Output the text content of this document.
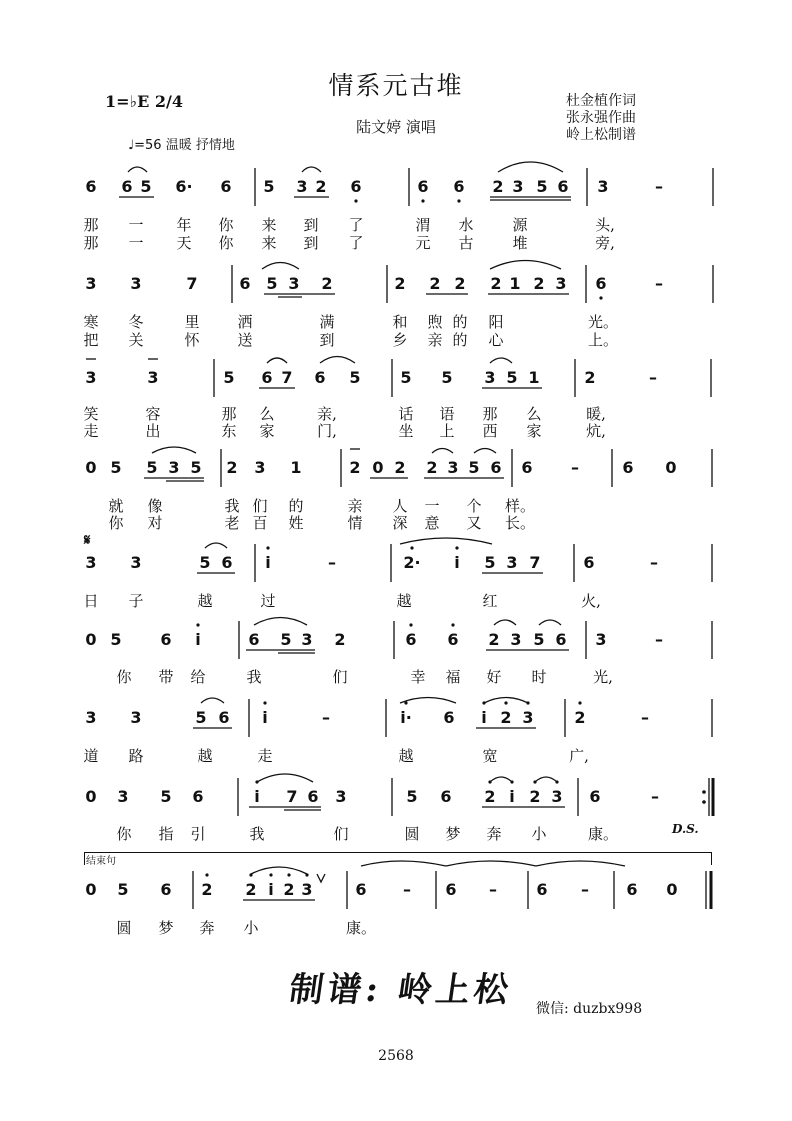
情系元古堆
陆文婷 演唱
1=♭E 2/4
♩=56 温暖 抒情地
杜金植作词
张永强作曲
岭上松制谱
6 6 5 6· 6 5 3 2 6	6 6 2 3 5 6 3	–
那 一 年 你 来 到 了	渭 水	源	头,
那 一 天 你 来 到 了	元 古	堆	旁,
3 3	7	6 5 3 2	2 2 2 2 1 2 3 6	–
寒 冬	里	洒	满	和 煦 的 阳	光。
把 关	怀	送	到	乡 亲 的 心	上。
3	3	5 6 7 6 5 5 5 3 5 1	2	–
笑	容	那 么	亲,	话 语 那 么	暖,
走	出	东 家	门,	坐 上 西 家	炕,
0 5 5 3 5 2 3 1	2 0 2 2 3 5 6 6 –	6 0
就 像	我 们 的	亲 人 一 个 样。
你 对	老 百 姓	情 深 意 又 长。
𝄋
3 3	5 6 i	–	2· i 5 3 7	6	–
日 子	越	过	越	红	火,
0 5 6 i	6 5 3 2	6 6 2 3 5 6 3	–
你 带 给	我	们	幸 福 好 时	光,
3 3	5 6 i	–	i· 6 i 2 3	2	–
道 路	越	走	越	宽	广,
0 3 5 6	i 7 6 3	5 6 2 i 2 3 6	–
你 指 引	我	们	圆 梦 奔 小	康。	D.S.
结束句
0 5 6 2 2 i 2 3	6 – 6 – 6 – 6 0
圆 梦 奔 小	康。
制谱: 岭上松 微信: duzbx998
2568
